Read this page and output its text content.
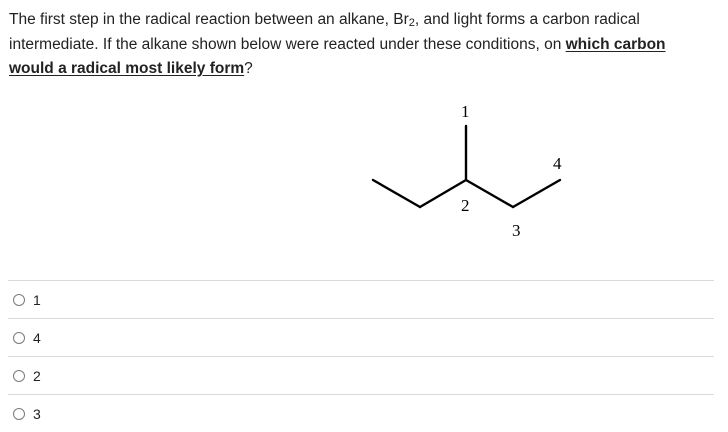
The first step in the radical reaction between an alkane, $Br_2$, and light forms a carbon radical intermediate. If the alkane shown below were reacted under these conditions, on which carbon would a radical most likely form?
1
2
3
4
1
4
2
3
